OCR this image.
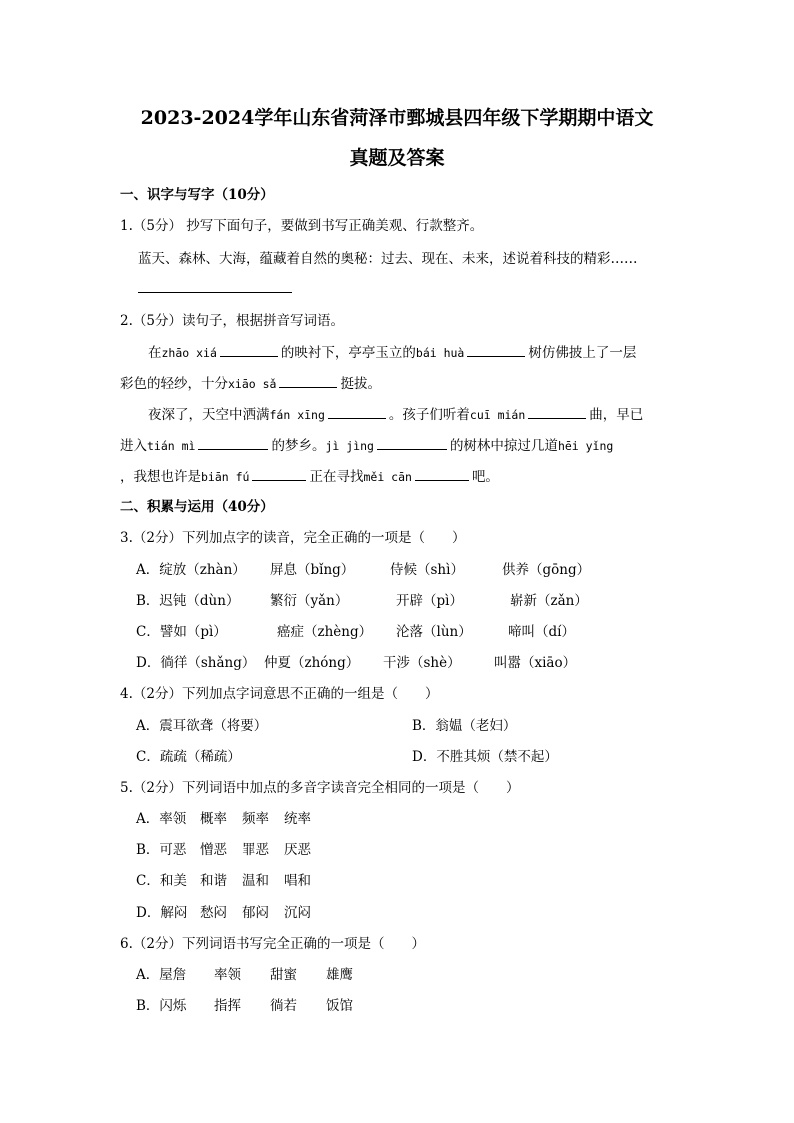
2023-2024学年山东省菏泽市鄄城县四年级下学期期中语文
真题及答案
一、识字与写字（10分）
1.（5分） 抄写下面句子，要做到书写正确美观、行款整齐。
蓝天、森林、大海，蕴藏着自然的奥秘：过去、现在、未来，述说着科技的精彩……
2.（5分）读句子，根据拼音写词语。
在zhāo xiá	的映衬下，亭亭玉立的bái huà	树仿佛披上了一层
彩色的轻纱，十分xiāo sǎ	挺拔。
夜深了，天空中洒满fán xīng	。孩子们听着cuī mián	曲，早已
进入tián mì	的梦乡。jì jìng	的树林中掠过几道hēi yǐng
，我想也许是biān fú	正在寻找měi cān	吧。
二、积累与运用（40分）
3.（2分）下列加点字的读音，完全正确的一项是（　　）
A．绽放（zhàn） 屏息（bǐng）	侍候（shì）	供养（gōng）
B．迟钝（dùn） 繁衍（yǎn）	开辟（pì）	崭新（zǎn）
C．譬如（pì）	癌症（zhèng） 沦落（lùn）	啼叫（dí）
D．徜徉（shǎng） 仲夏（zhóng） 干涉（shè） 叫嚣（xiāo）
4.（2分）下列加点字词意思不正确的一组是（　　）
A．震耳欲聋（将要）	B．翁媪（老妇）
C．疏疏（稀疏）	D．不胜其烦（禁不起）
5.（2分）下列词语中加点的多音字读音完全相同的一项是（　　）
A．率领 概率 频率 统率
B．可恶 憎恶 罪恶 厌恶
C．和美 和谐 温和 唱和
D．解闷 愁闷 郁闷 沉闷
6.（2分）下列词语书写完全正确的一项是（　　）
A．屋詹 率领 甜蜜 雄鹰
B．闪烁 指挥 徜若 饭馆
